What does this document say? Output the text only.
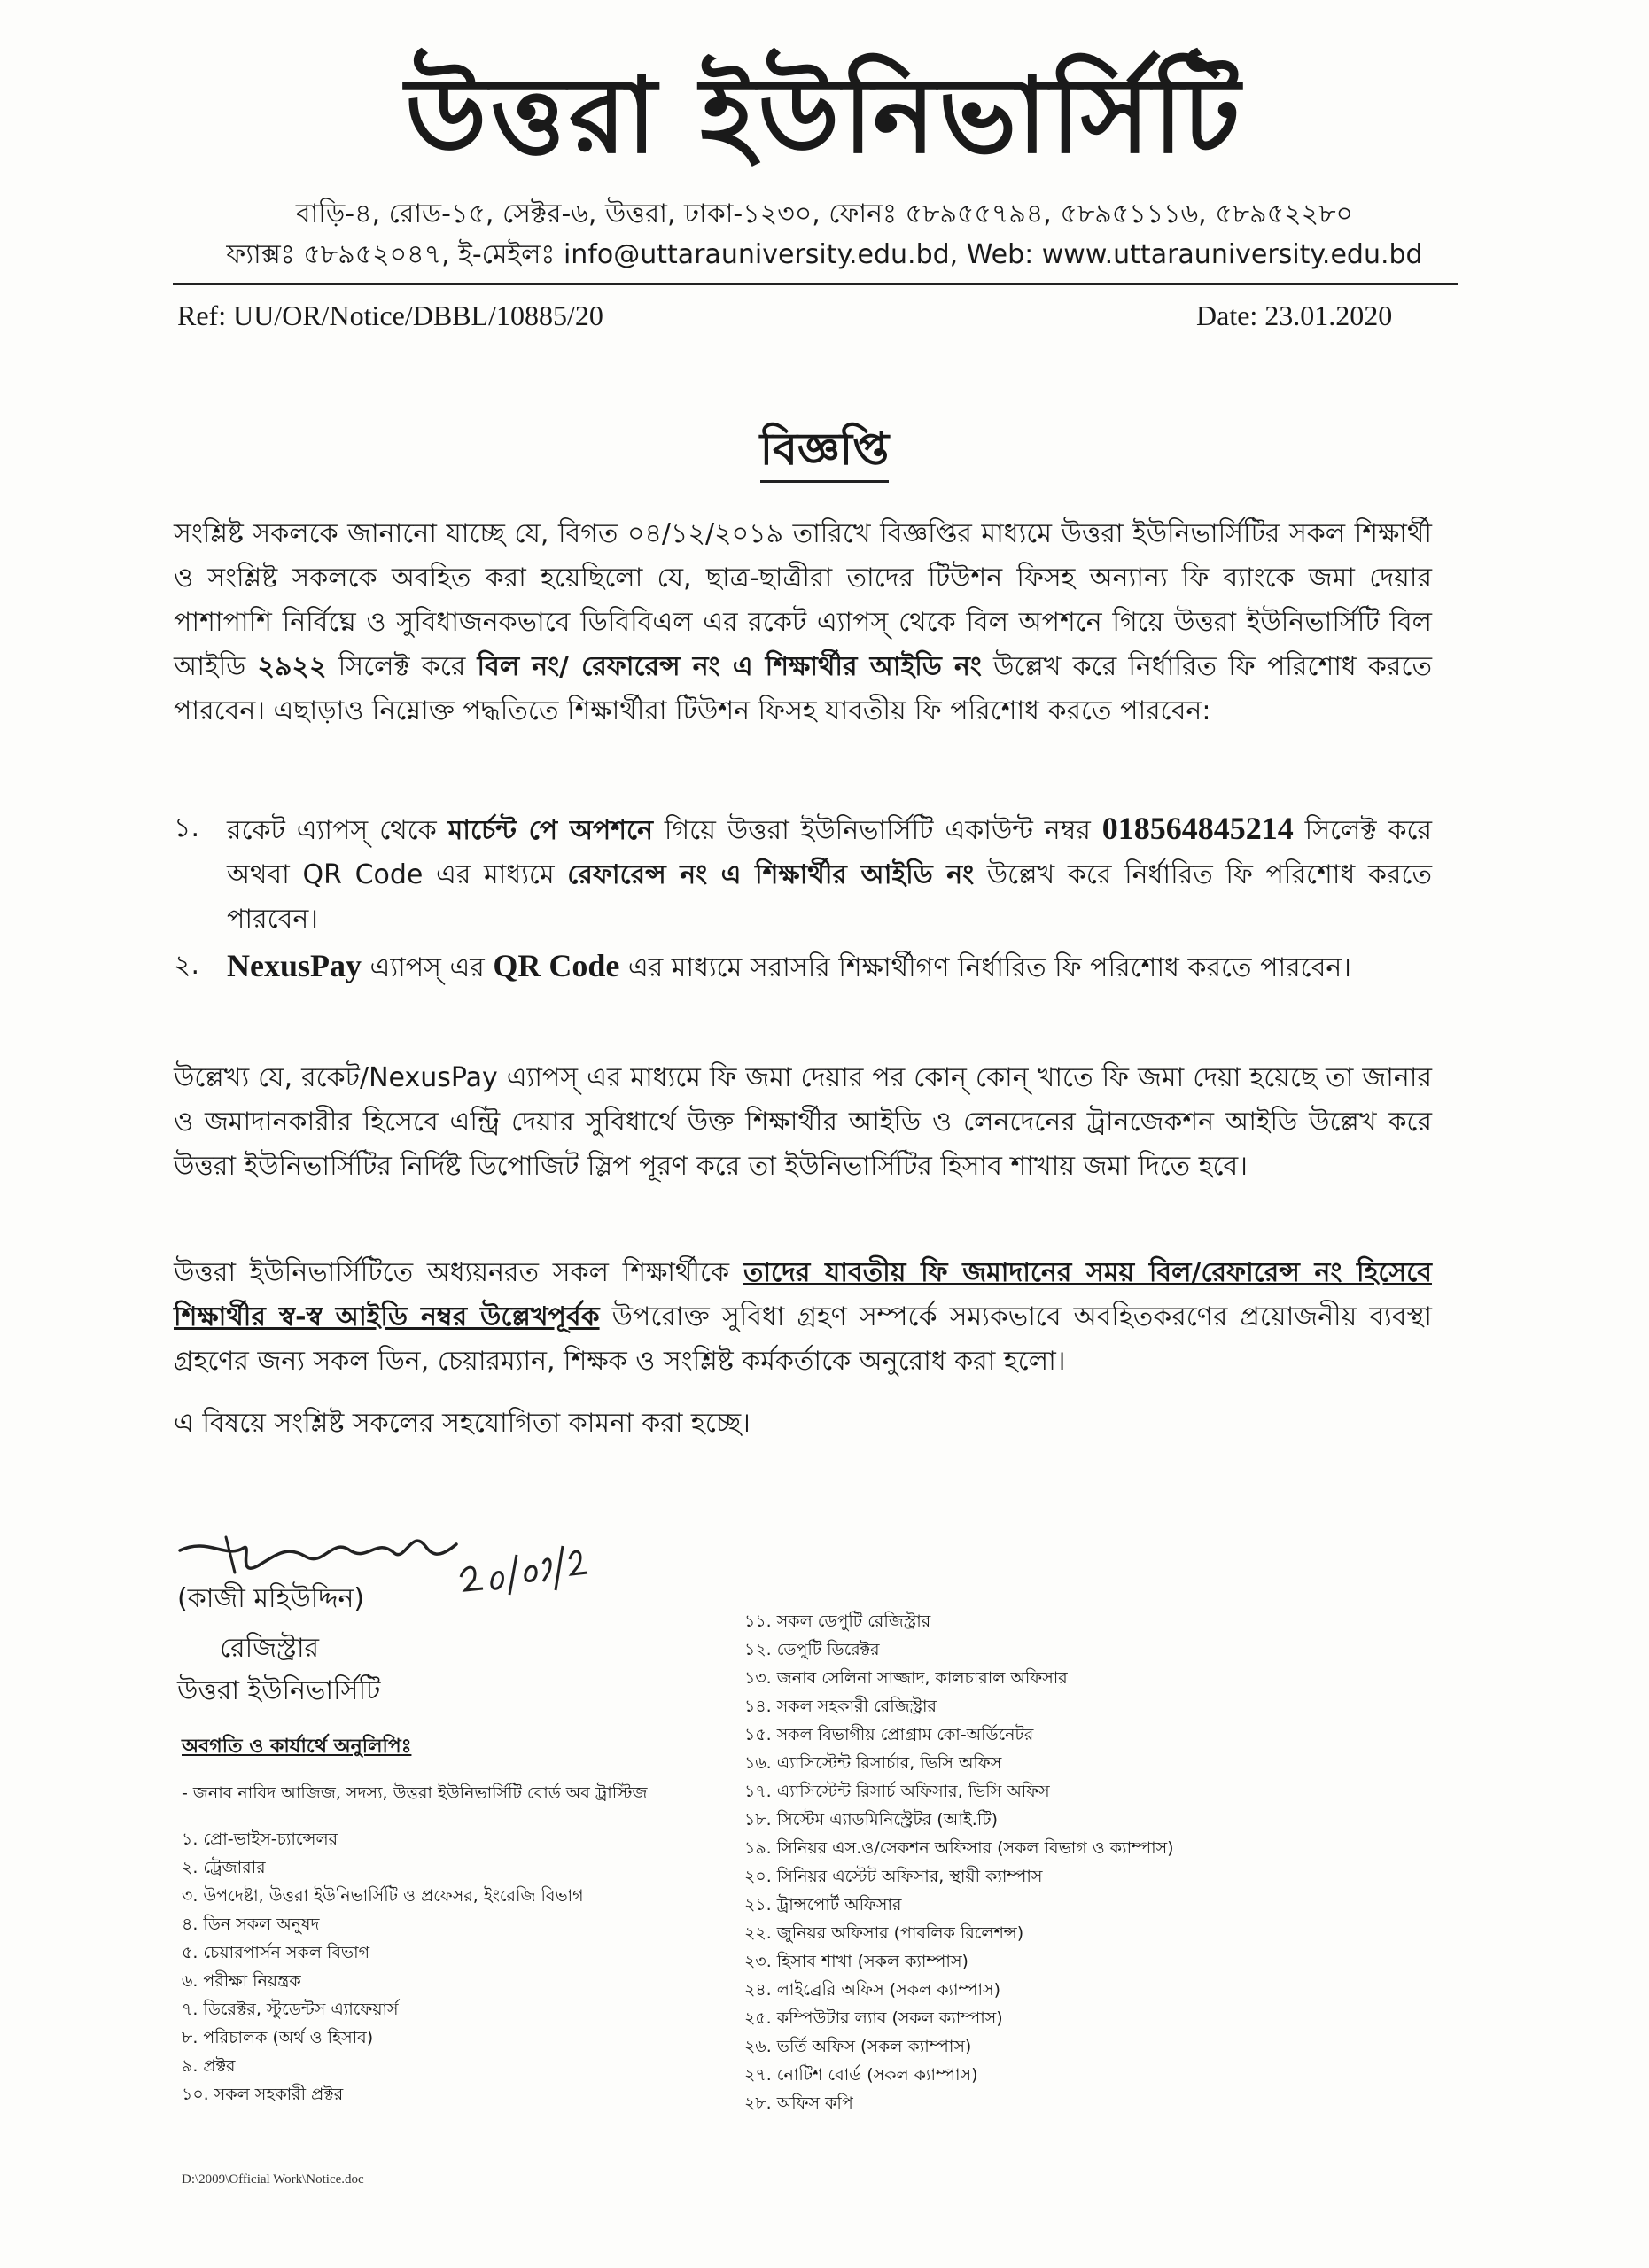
উত্তরা ইউনিভার্সিটি
বাড়ি-৪, রোড-১৫, সেক্টর-৬, উত্তরা, ঢাকা-১২৩০, ফোনঃ ৫৮৯৫৫৭৯৪, ৫৮৯৫১১১৬, ৫৮৯৫২২৮০
ফ্যাক্সঃ ৫৮৯৫২০৪৭, ই-মেইলঃ info@uttarauniversity.edu.bd, Web: www.uttarauniversity.edu.bd
Ref: UU/OR/Notice/DBBL/10885/20	Date: 23.01.2020
বিজ্ঞপ্তি
সংশ্লিষ্ট সকলকে জানানো যাচ্ছে যে, বিগত ০৪/১২/২০১৯ তারিখে বিজ্ঞপ্তির মাধ্যমে উত্তরা ইউনিভার্সিটির সকল শিক্ষার্থী ও সংশ্লিষ্ট সকলকে অবহিত করা হয়েছিলো যে, ছাত্র-ছাত্রীরা তাদের টিউশন ফিসহ অন্যান্য ফি ব্যাংকে জমা দেয়ার পাশাপাশি নির্বিঘ্নে ও সুবিধাজনকভাবে ডিবিবিএল এর রকেট এ্যাপস্ থেকে বিল অপশনে গিয়ে উত্তরা ইউনিভার্সিটি বিল আইডি ২৯২২ সিলেক্ট করে বিল নং/ রেফারেন্স নং এ শিক্ষার্থীর আইডি নং উল্লেখ করে নির্ধারিত ফি পরিশোধ করতে পারবেন। এছাড়াও নিম্নোক্ত পদ্ধতিতে শিক্ষার্থীরা টিউশন ফিসহ যাবতীয় ফি পরিশোধ করতে পারবেন:
১. রকেট এ্যাপস্ থেকে মার্চেন্ট পে অপশনে গিয়ে উত্তরা ইউনিভার্সিটি একাউন্ট নম্বর 018564845214 সিলেক্ট করে অথবা QR Code এর মাধ্যমে রেফারেন্স নং এ শিক্ষার্থীর আইডি নং উল্লেখ করে নির্ধারিত ফি পরিশোধ করতে পারবেন।
২. NexusPay এ্যাপস্ এর QR Code এর মাধ্যমে সরাসরি শিক্ষার্থীগণ নির্ধারিত ফি পরিশোধ করতে পারবেন।
উল্লেখ্য যে, রকেট/NexusPay এ্যাপস্ এর মাধ্যমে ফি জমা দেয়ার পর কোন্ কোন্ খাতে ফি জমা দেয়া হয়েছে তা জানার ও জমাদানকারীর হিসেবে এন্ট্রি দেয়ার সুবিধার্থে উক্ত শিক্ষার্থীর আইডি ও লেনদেনের ট্রানজেকশন আইডি উল্লেখ করে উত্তরা ইউনিভার্সিটির নির্দিষ্ট ডিপোজিট স্লিপ পূরণ করে তা ইউনিভার্সিটির হিসাব শাখায় জমা দিতে হবে।
উত্তরা ইউনিভার্সিটিতে অধ্যয়নরত সকল শিক্ষার্থীকে তাদের যাবতীয় ফি জমাদানের সময় বিল/রেফারেন্স নং হিসেবে শিক্ষার্থীর স্ব-স্ব আইডি নম্বর উল্লেখপূর্বক উপরোক্ত সুবিধা গ্রহণ সম্পর্কে সম্যকভাবে অবহিতকরণের প্রয়োজনীয় ব্যবস্থা গ্রহণের জন্য সকল ডিন, চেয়ারম্যান, শিক্ষক ও সংশ্লিষ্ট কর্মকর্তাকে অনুরোধ করা হলো।
এ বিষয়ে সংশ্লিষ্ট সকলের সহযোগিতা কামনা করা হচ্ছে।
(কাজী মহিউদ্দিন)
রেজিস্ট্রার
উত্তরা ইউনিভার্সিটি
অবগতি ও কার্যার্থে অনুলিপিঃ
- জনাব নাবিদ আজিজ, সদস্য, উত্তরা ইউনিভার্সিটি বোর্ড অব ট্রাস্টিজ
১. প্রো-ভাইস-চ্যান্সেলর
২. ট্রেজারার
৩. উপদেষ্টা, উত্তরা ইউনিভার্সিটি ও প্রফেসর, ইংরেজি বিভাগ
৪. ডিন সকল অনুষদ
৫. চেয়ারপার্সন সকল বিভাগ
৬. পরীক্ষা নিয়ন্ত্রক
৭. ডিরেক্টর, স্টুডেন্টস এ্যাফেয়ার্স
৮. পরিচালক (অর্থ ও হিসাব)
৯. প্রক্টর
১০. সকল সহকারী প্রক্টর
১১. সকল ডেপুটি রেজিস্ট্রার
১২. ডেপুটি ডিরেক্টর
১৩. জনাব সেলিনা সাজ্জাদ, কালচারাল অফিসার
১৪. সকল সহকারী রেজিস্ট্রার
১৫. সকল বিভাগীয় প্রোগ্রাম কো-অর্ডিনেটর
১৬. এ্যাসিস্টেন্ট রিসার্চার, ভিসি অফিস
১৭. এ্যাসিস্টেন্ট রিসার্চ অফিসার, ভিসি অফিস
১৮. সিস্টেম এ্যাডমিনিস্ট্রেটর (আই.টি)
১৯. সিনিয়র এস.ও/সেকশন অফিসার (সকল বিভাগ ও ক্যাম্পাস)
২০. সিনিয়র এস্টেট অফিসার, স্থায়ী ক্যাম্পাস
২১. ট্রান্সপোর্ট অফিসার
২২. জুনিয়র অফিসার (পাবলিক রিলেশন্স)
২৩. হিসাব শাখা (সকল ক্যাম্পাস)
২৪. লাইব্রেরি অফিস (সকল ক্যাম্পাস)
২৫. কম্পিউটার ল্যাব (সকল ক্যাম্পাস)
২৬. ভর্তি অফিস (সকল ক্যাম্পাস)
২৭. নোটিশ বোর্ড (সকল ক্যাম্পাস)
২৮. অফিস কপি
D:\2009\Official Work\Notice.doc
